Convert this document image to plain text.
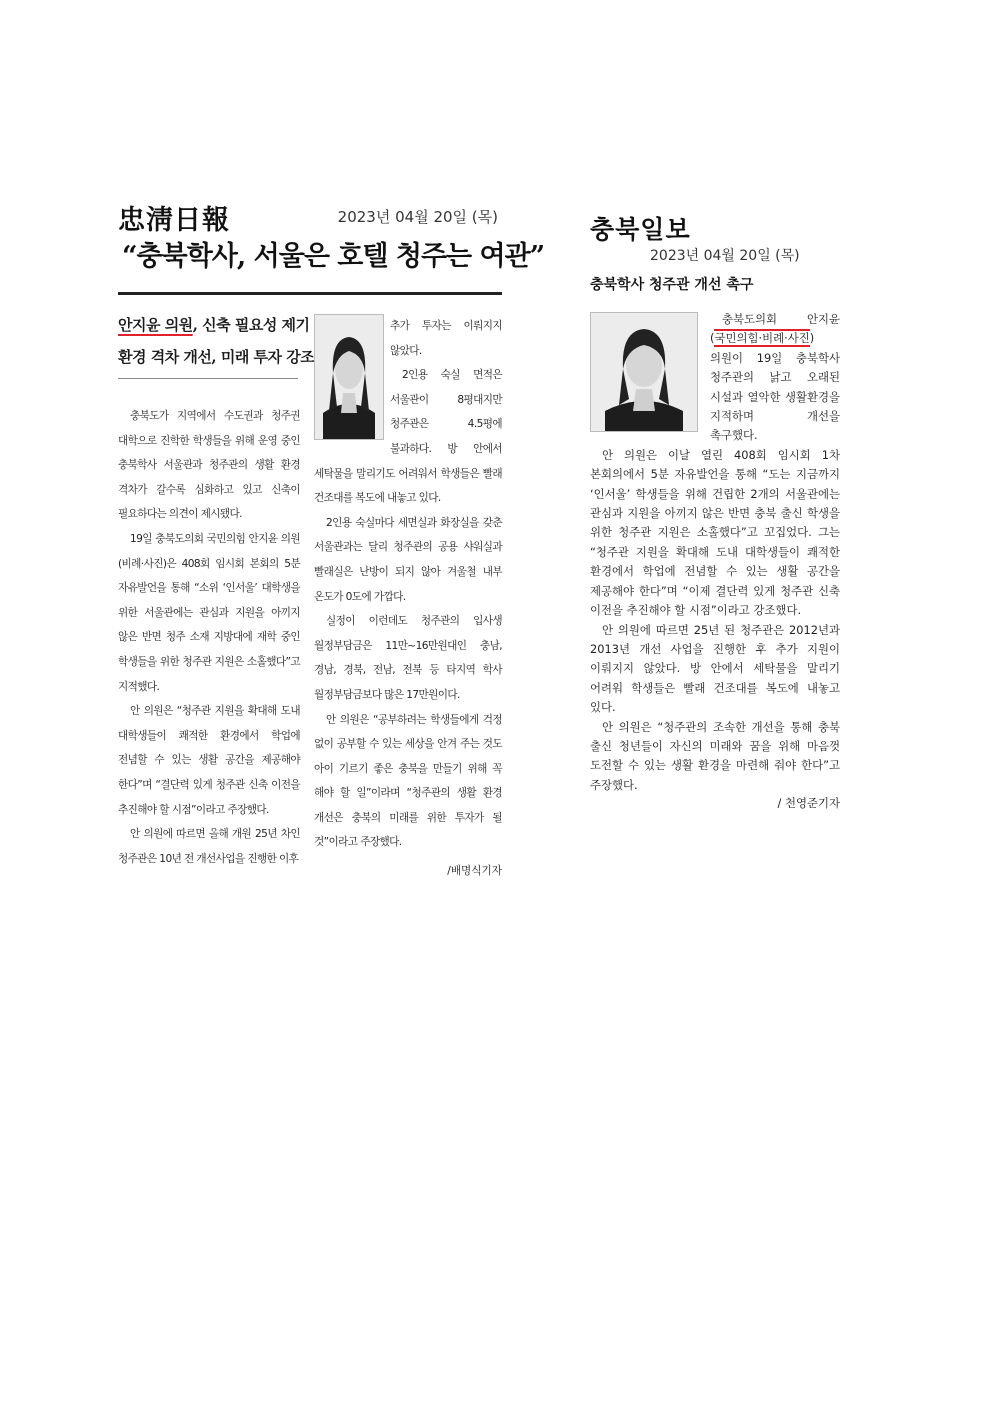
忠淸日報	2023년 04월 20일 (목)
“충북학사, 서울은 호텔 청주는 여관”
안지윤 의원, 신축 필요성 제기
환경 격차 개선, 미래 투자 강조

충북도가 지역에서 수도권과 청주권 대학으로 진학한 학생들을 위해 운영 중인 충북학사 서울관과 청주관의 생활 환경 격차가 갈수록 심화하고 있고 신축이 필요하다는 의견이 제시됐다.

19일 충북도의회 국민의힘 안지윤 의원(비례·사진)은 408회 임시회 본회의 5분 자유발언을 통해 “소위 ‘인서울’ 대학생을 위한 서울관에는 관심과 지원을 아끼지 않은 반면 청주 소재 지방대에 재학 중인 학생들을 위한 청주관 지원은 소홀했다”고 지적했다.

안 의원은 “청주관 지원을 확대해 도내 대학생들이 쾌적한 환경에서 학업에 전념할 수 있는 생활 공간을 제공해야 한다”며 “결단력 있게 청주관 신축 이전을 추진해야 할 시점”이라고 주장했다.

안 의원에 따르면 올해 개원 25년 차인 청주관은 10년 전 개선사업을 진행한 이후

추가 투자는 이뤄지지 않았다.

2인용 숙실 면적은 서울관이 8평대지만 청주관은 4.5평에 불과하다. 방 안에서 세탁물을 말리기도 어려워서 학생들은 빨래 건조대를 복도에 내놓고 있다.

2인용 숙실마다 세면실과 화장실을 갖춘 서울관과는 달리 청주관의 공용 샤워실과 빨래실은 난방이 되지 않아 겨울철 내부 온도가 0도에 가깝다.

실정이 이런데도 청주관의 입사생 월정부담금은 11만~16만원대인 충남, 경남, 경북, 전남, 전북 등 타지역 학사 월정부담금보다 많은 17만원이다.

안 의원은 “공부하려는 학생들에게 걱정 없이 공부할 수 있는 세상을 안겨 주는 것도 아이 기르기 좋은 충북을 만들기 위해 꼭 해야 할 일”이라며 “청주관의 생활 환경 개선은 충북의 미래를 위한 투자가 될 것”이라고 주장했다.

/배명식기자
충북일보
2023년 04월 20일 (목)
충북학사 청주관 개선 촉구

충북도의회 안지윤(국민의힘·비례·사진) 의원이 19일 충북학사 청주관의 낡고 오래된 시설과 열악한 생활환경을 지적하며 개선을 촉구했다.

안 의원은 이날 열린 408회 임시회 1차 본회의에서 5분 자유발언을 통해 “도는 지금까지 ‘인서울’ 학생들을 위해 건립한 2개의 서울관에는 관심과 지원을 아끼지 않은 반면 충북 출신 학생을 위한 청주관 지원은 소홀했다”고 꼬집었다. 그는 “청주관 지원을 확대해 도내 대학생들이 쾌적한 환경에서 학업에 전념할 수 있는 생활 공간을 제공해야 한다”며 “이제 결단력 있게 청주관 신축 이전을 추진해야 할 시점”이라고 강조했다.

안 의원에 따르면 25년 된 청주관은 2012년과 2013년 개선 사업을 진행한 후 추가 지원이 이뤄지지 않았다. 방 안에서 세탁물을 말리기 어려워 학생들은 빨래 건조대를 복도에 내놓고 있다.

안 의원은 “청주관의 조속한 개선을 통해 충북 출신 청년들이 자신의 미래와 꿈을 위해 마음껏 도전할 수 있는 생활 환경을 마련해 줘야 한다”고 주장했다.

/ 천영준기자
